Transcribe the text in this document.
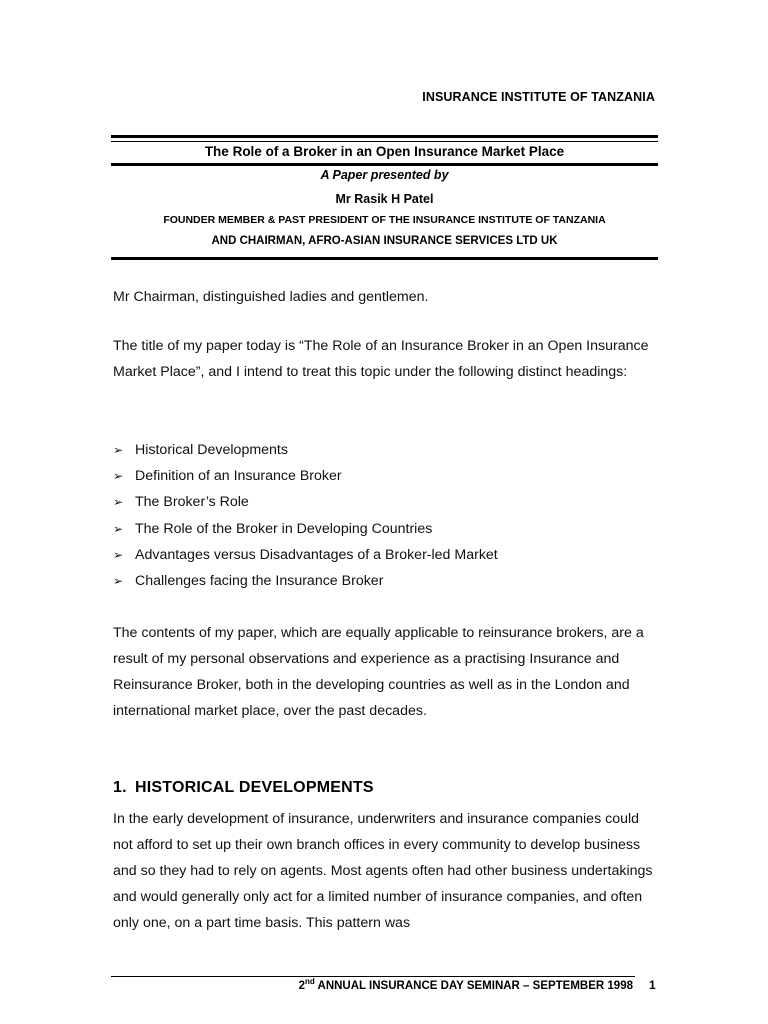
INSURANCE INSTITUTE OF TANZANIA
The Role of a Broker in an Open Insurance Market Place
A Paper presented by
Mr Rasik H Patel
FOUNDER MEMBER & PAST PRESIDENT OF THE INSURANCE INSTITUTE OF TANZANIA
AND CHAIRMAN, AFRO-ASIAN INSURANCE SERVICES LTD UK
Mr Chairman, distinguished ladies and gentlemen.
The title of my paper today is “The Role of an Insurance Broker in an Open Insurance Market Place”, and I intend to treat this topic under the following distinct headings:
➢ Historical Developments
➢ Definition of an Insurance Broker
➢ The Broker’s Role
➢ The Role of the Broker in Developing Countries
➢ Advantages versus Disadvantages of a Broker-led Market
➢ Challenges facing the Insurance Broker
The contents of my paper, which are equally applicable to reinsurance brokers, are a result of my personal observations and experience as a practising Insurance and Reinsurance Broker, both in the developing countries as well as in the London and international market place, over the past decades.
1. HISTORICAL DEVELOPMENTS
In the early development of insurance, underwriters and insurance companies could not afford to set up their own branch offices in every community to develop business and so they had to rely on agents. Most agents often had other business undertakings and would generally only act for a limited number of insurance companies, and often only one, on a part time basis. This pattern was
2nd ANNUAL INSURANCE DAY SEMINAR – SEPTEMBER 1998 1
